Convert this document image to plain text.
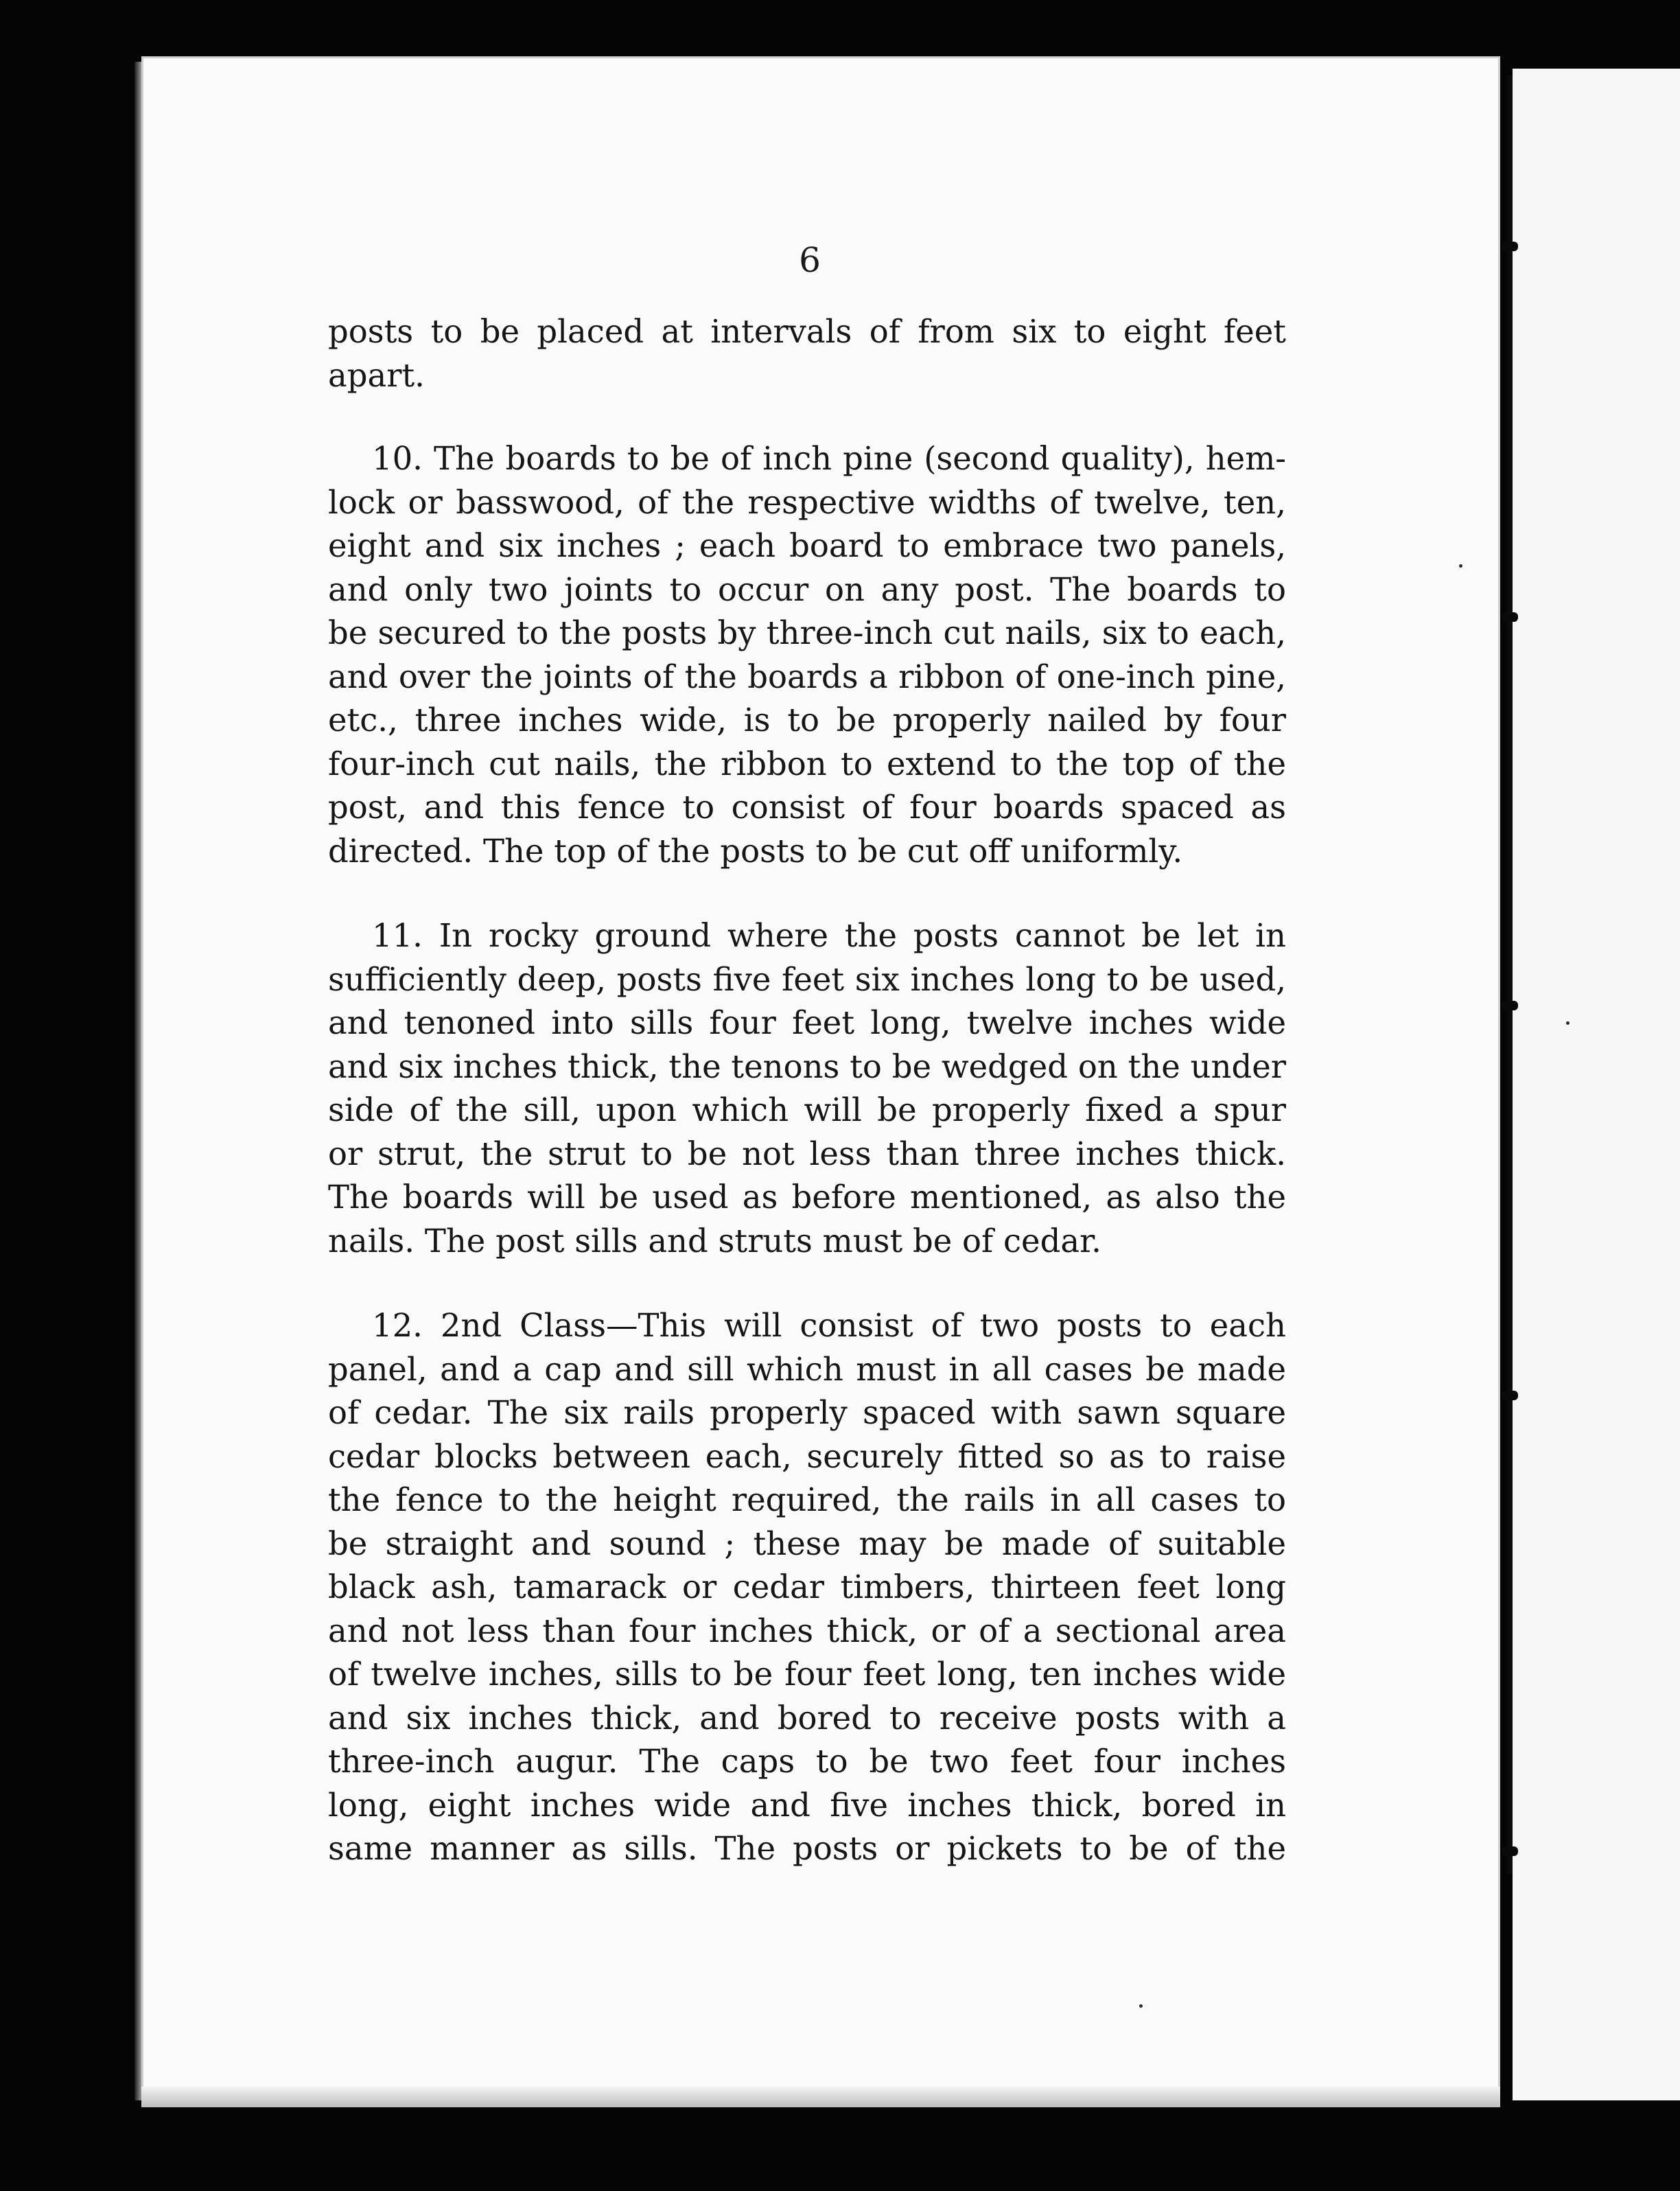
6

posts to be placed at intervals of from six to eight feet
apart.

10. The boards to be of inch pine (second quality), hem-
lock or basswood, of the respective widths of twelve, ten,
eight and six inches ; each board to embrace two panels,
and only two joints to occur on any post. The boards to
be secured to the posts by three-inch cut nails, six to each,
and over the joints of the boards a ribbon of one-inch pine,
etc., three inches wide, is to be properly nailed by four
four-inch cut nails, the ribbon to extend to the top of the
post, and this fence to consist of four boards spaced as
directed. The top of the posts to be cut off uniformly.

11. In rocky ground where the posts cannot be let in
sufficiently deep, posts five feet six inches long to be used,
and tenoned into sills four feet long, twelve inches wide
and six inches thick, the tenons to be wedged on the under
side of the sill, upon which will be properly fixed a spur
or strut, the strut to be not less than three inches thick.
The boards will be used as before mentioned, as also the
nails. The post sills and struts must be of cedar.

12. 2nd Class—This will consist of two posts to each
panel, and a cap and sill which must in all cases be made
of cedar. The six rails properly spaced with sawn square
cedar blocks between each, securely fitted so as to raise
the fence to the height required, the rails in all cases to
be straight and sound ; these may be made of suitable
black ash, tamarack or cedar timbers, thirteen feet long
and not less than four inches thick, or of a sectional area
of twelve inches, sills to be four feet long, ten inches wide
and six inches thick, and bored to receive posts with a
three-inch augur. The caps to be two feet four inches
long, eight inches wide and five inches thick, bored in
same manner as sills. The posts or pickets to be of the
